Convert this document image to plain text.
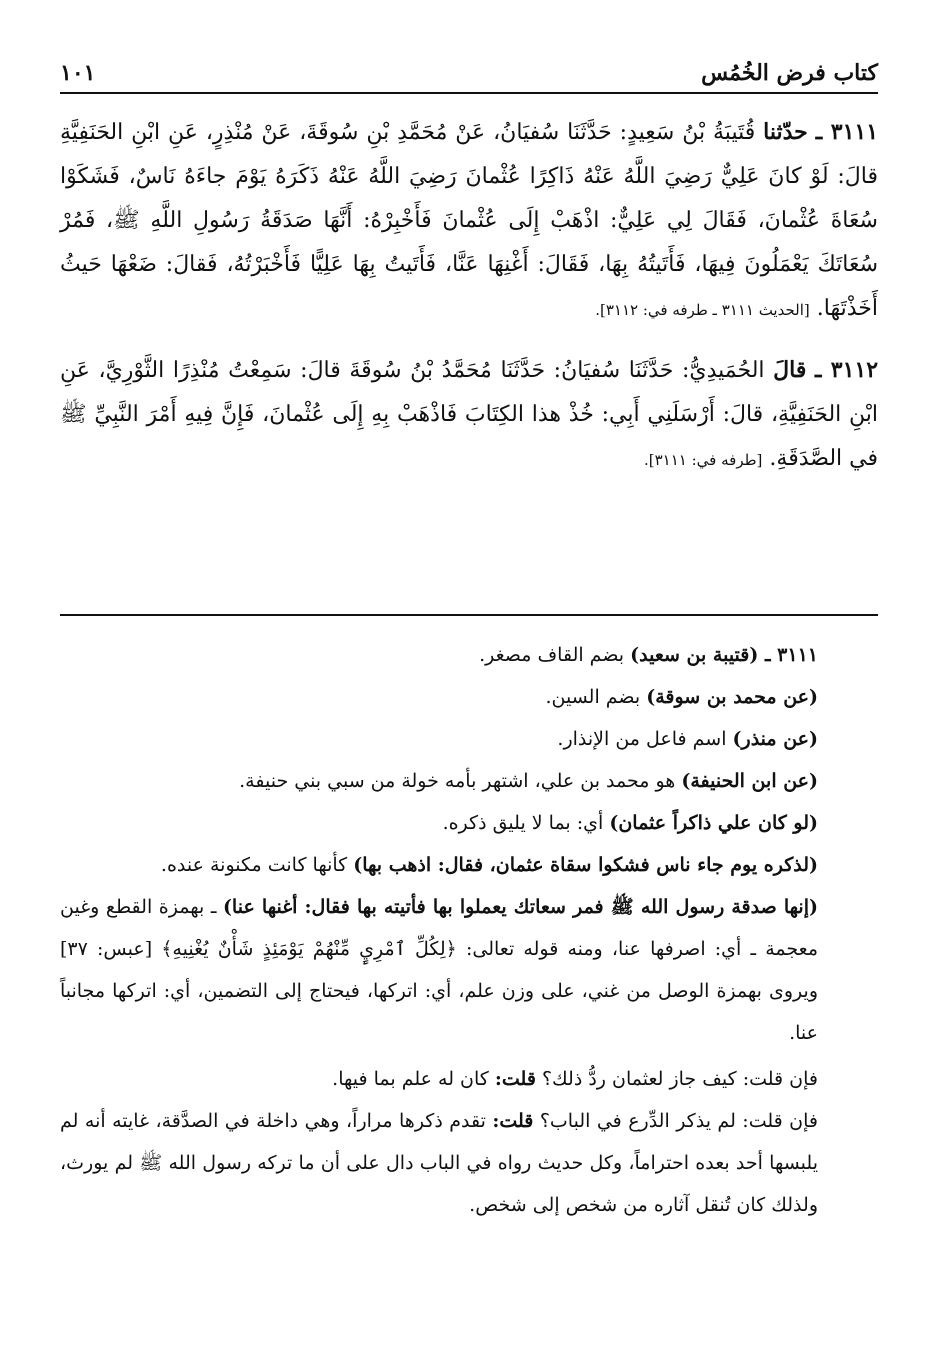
كتاب فرض الخُمُس
١٠١
٣١١١ ـ حدّثنا قُتَيبَةُ بْنُ سَعِيدٍ: حَدَّثَنَا سُفيَانُ، عَنْ مُحَمَّدِ بْنِ سُوقَةَ، عَنْ مُنْذِرٍ، عَنِ ابْنِ الحَنَفِيَّةِ قالَ: لَوْ كانَ عَلِيٌّ رَضِيَ اللَّهُ عَنْهُ ذَاكِرًا عُثْمانَ رَضِيَ اللَّهُ عَنْهُ ذَكَرَهُ يَوْمَ جاءَهُ نَاسٌ، فَشَكَوْا سُعَاةَ عُثْمانَ، فَقَالَ لِي عَلِيٌّ: اذْهَبْ إِلَى عُثْمانَ فَأَخْبِرْهُ: أَنَّهَا صَدَقَةُ رَسُولِ اللَّهِ ﷺ، فَمُرْ سُعَاتَكَ يَعْمَلُونَ فِيهَا، فَأَتَيتُهُ بِهَا، فَقَالَ: أَغْنِهَا عَنَّا، فَأَتَيتُ بِهَا عَلِيًّا فَأَخْبَرْتُهُ، فَقالَ: ضَعْهَا حَيثُ أَخَذْتَهَا. [الحديث ٣١١١ ـ طرفه في: ٣١١٢].
٣١١٢ ـ قالَ الحُمَيدِيُّ: حَدَّثَنَا سُفيَانُ: حَدَّثَنَا مُحَمَّدُ بْنُ سُوقَةَ قالَ: سَمِعْتُ مُنْذِرًا الثَّوْرِيَّ، عَنِ ابْنِ الحَنَفِيَّةِ، قالَ: أَرْسَلَنِي أَبِي: خُذْ هذا الكِتَابَ فَاذْهَبْ بِهِ إِلَى عُثْمانَ، فَإِنَّ فِيهِ أَمْرَ النَّبِيِّ ﷺ في الصَّدَقَةِ. [طرفه في: ٣١١١].

٣١١١ ـ (قتيبة بن سعيد) بضم القاف مصغر.

(عن محمد بن سوقة) بضم السين.

(عن منذر) اسم فاعل من الإنذار.

(عن ابن الحنيفة) هو محمد بن علي، اشتهر بأمه خولة من سبي بني حنيفة.

(لو كان علي ذاكراً عثمان) أي: بما لا يليق ذكره.

(لذكره يوم جاء ناس فشكوا سقاة عثمان، فقال: اذهب بها) كأنها كانت مكنونة عنده.

(إنها صدقة رسول الله ﷺ فمر سعاتك يعملوا بها فأتيته بها فقال: أغنها عنا) ـ بهمزة القطع وغين معجمة ـ أي: اصرفها عنا، ومنه قوله تعالى: ﴿لِكُلِّ ٱمْرِيٍٕ مِّنْهُمْ يَوْمَئِذٍ شَأْنٌ يُغْنِيهِ﴾ [عبس: ٣٧] ويروى بهمزة الوصل من غني، على وزن علم، أي: اتركها، فيحتاج إلى التضمين، أي: اتركها مجانباً عنا.

فإن قلت: كيف جاز لعثمان ردُّ ذلك؟ قلت: كان له علم بما فيها.

فإن قلت: لم يذكر الدِّرع في الباب؟ قلت: تقدم ذكرها مراراً، وهي داخلة في الصدَّقة، غايته أنه لم يلبسها أحد بعده احتراماً، وكل حديث رواه في الباب دال على أن ما تركه رسول الله ﷺ لم يورث، ولذلك كان تُنقل آثاره من شخص إلى شخص.
